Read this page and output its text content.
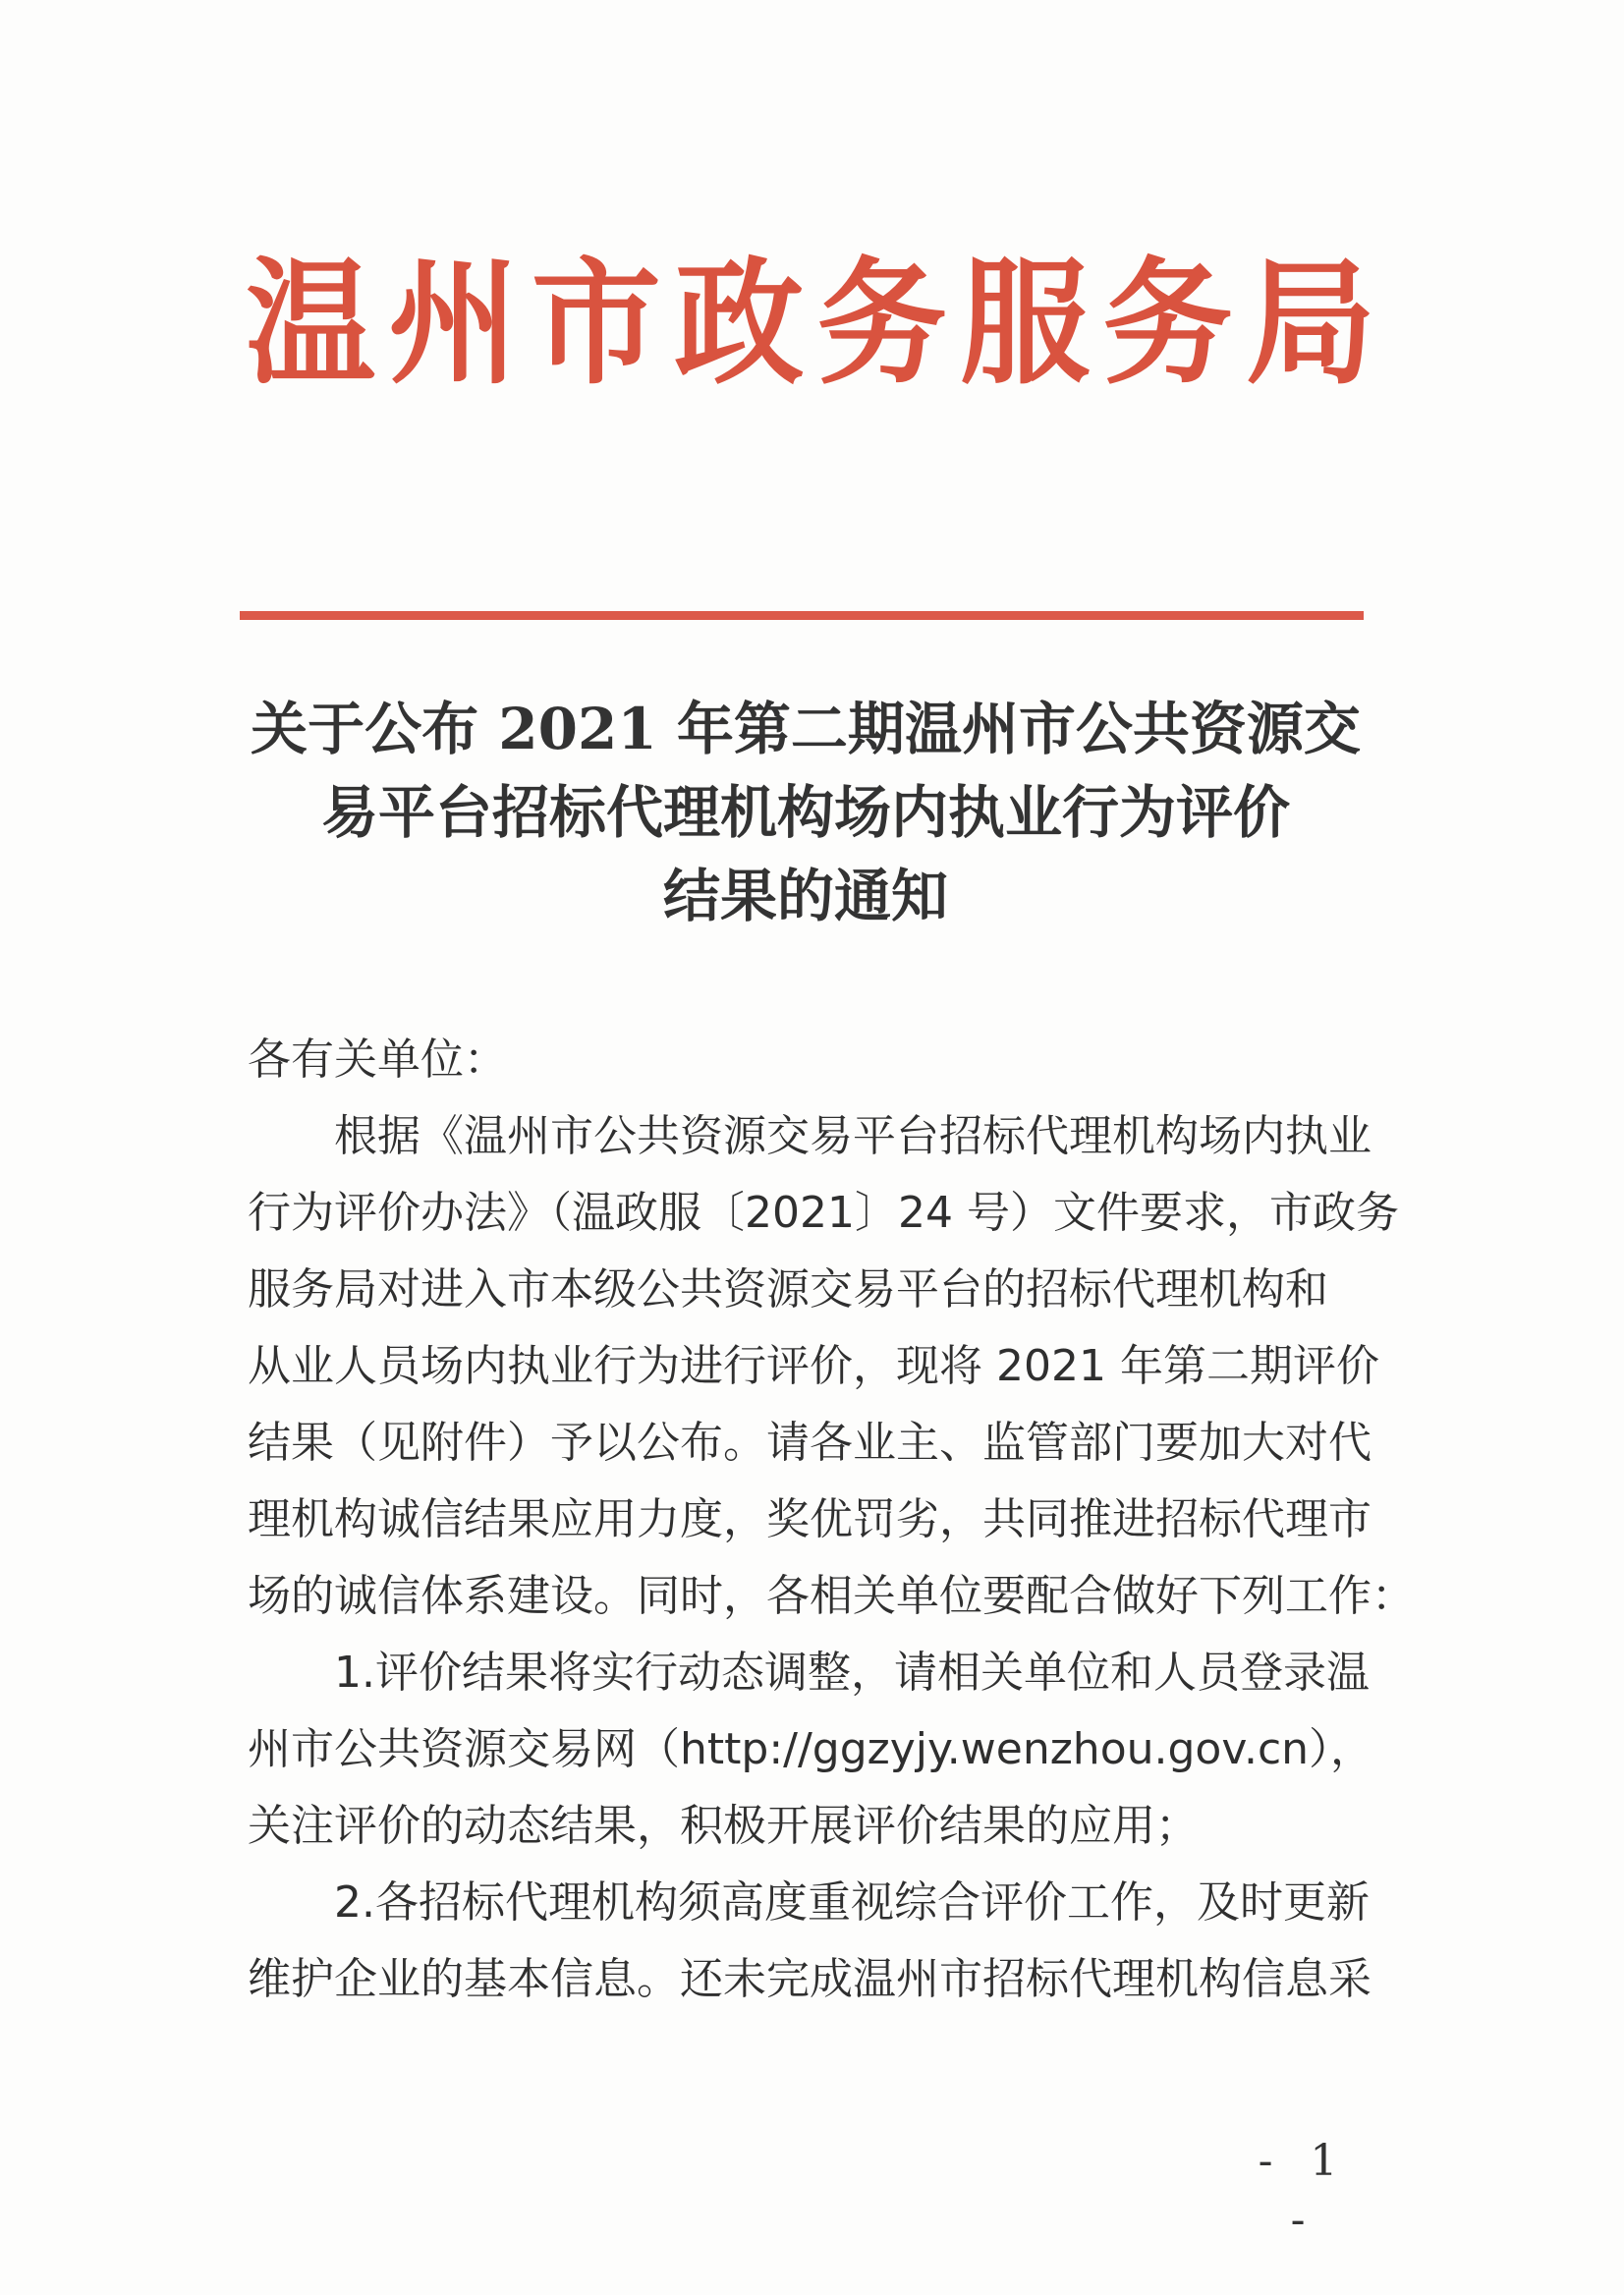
温 州 市 政 务 服 务 局
关于公布 2021 年第二期温州市公共资源交
易平台招标代理机构场内执业行为评价
结果的通知
各有关单位：
根据《温州市公共资源交易平台招标代理机构场内执业
行为评价办法》（温政服〔2021〕24 号）文件要求，市政务
服务局对进入市本级公共资源交易平台的招标代理机构和
从业人员场内执业行为进行评价，现将 2021 年第二期评价
结果（见附件）予以公布。请各业主、监管部门要加大对代
理机构诚信结果应用力度，奖优罚劣，共同推进招标代理市
场的诚信体系建设。同时，各相关单位要配合做好下列工作：
1.评价结果将实行动态调整，请相关单位和人员登录温
州市公共资源交易网（http://ggzyjy.wenzhou.gov.cn），
关注评价的动态结果，积极开展评价结果的应用；
2.各招标代理机构须高度重视综合评价工作，及时更新
维护企业的基本信息。还未完成温州市招标代理机构信息采
- 1 -
